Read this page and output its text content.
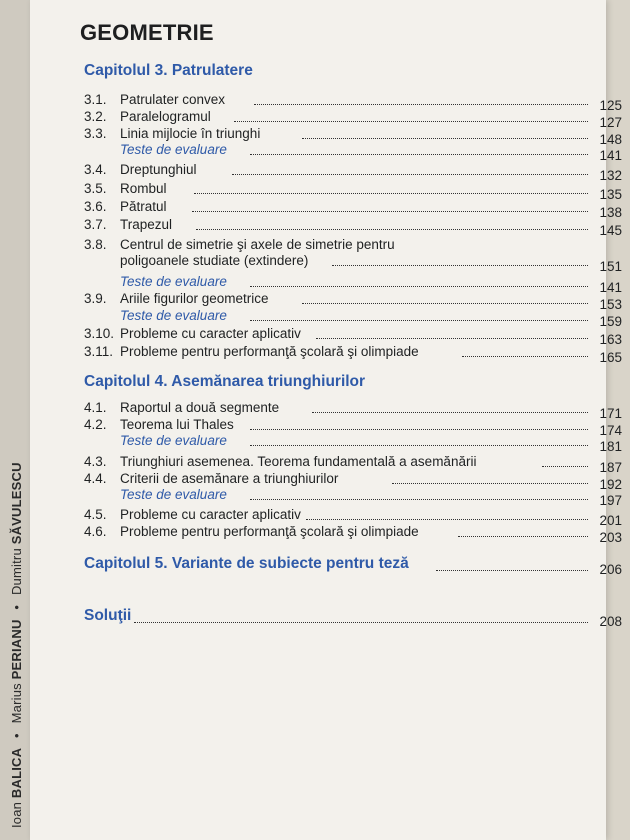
Ioan BALICA • Marius PERIANU • Dumitru SĂVULESCU
GEOMETRIE
Capitolul 3. Patrulatere
3.1. Patrulater convex	125
3.2. Paralelogramul	127
3.3. Linia mijlocie în triunghi	148
Teste de evaluare	141
3.4. Dreptunghiul	132
3.5. Rombul	135
3.6. Pătratul	138
3.7. Trapezul	145
3.8. Centrul de simetrie şi axele de simetrie pentru
poligoanele studiate (extindere)	151
Teste de evaluare	141
3.9. Ariile figurilor geometrice	153
Teste de evaluare	159
3.10. Probleme cu caracter aplicativ	163
3.11. Probleme pentru performanţă şcolară şi olimpiade	165
Capitolul 4. Asemănarea triunghiurilor
4.1. Raportul a două segmente	171
4.2. Teorema lui Thales	174
Teste de evaluare	181
4.3. Triunghiuri asemenea. Teorema fundamentală a asemănării	187
4.4. Criterii de asemănare a triunghiurilor	192
Teste de evaluare	197
4.5. Probleme cu caracter aplicativ	201
4.6. Probleme pentru performanţă şcolară şi olimpiade	203
Capitolul 5. Variante de subiecte pentru teză	206
Soluţii	208
